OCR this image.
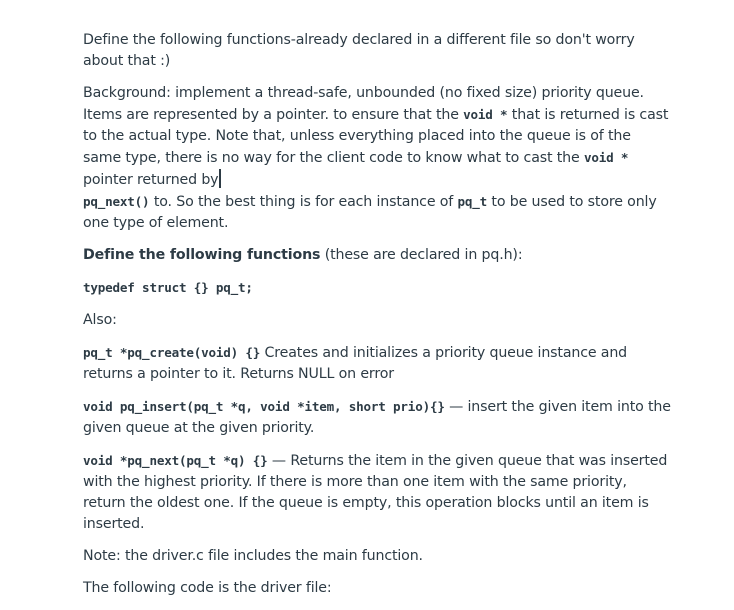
Define the following functions-already declared in a different file so don't worry about that :)
Background: implement a thread-safe, unbounded (no fixed size) priority queue. Items are represented by a pointer. to ensure that the void * that is returned is cast to the actual type. Note that, unless everything placed into the queue is of the same type, there is no way for the client code to know what to cast the void * pointer returned by
pq_next() to. So the best thing is for each instance of pq_t to be used to store only one type of element.
Define the following functions (these are declared in pq.h):
typedef struct {} pq_t;
Also:
pq_t *pq_create(void) {} Creates and initializes a priority queue instance and returns a pointer to it. Returns NULL on error
void pq_insert(pq_t *q, void *item, short prio){} — insert the given item into the given queue at the given priority.
void *pq_next(pq_t *q) {} — Returns the item in the given queue that was inserted with the highest priority. If there is more than one item with the same priority, return the oldest one. If the queue is empty, this operation blocks until an item is inserted.
Note: the driver.c file includes the main function.
The following code is the driver file:
